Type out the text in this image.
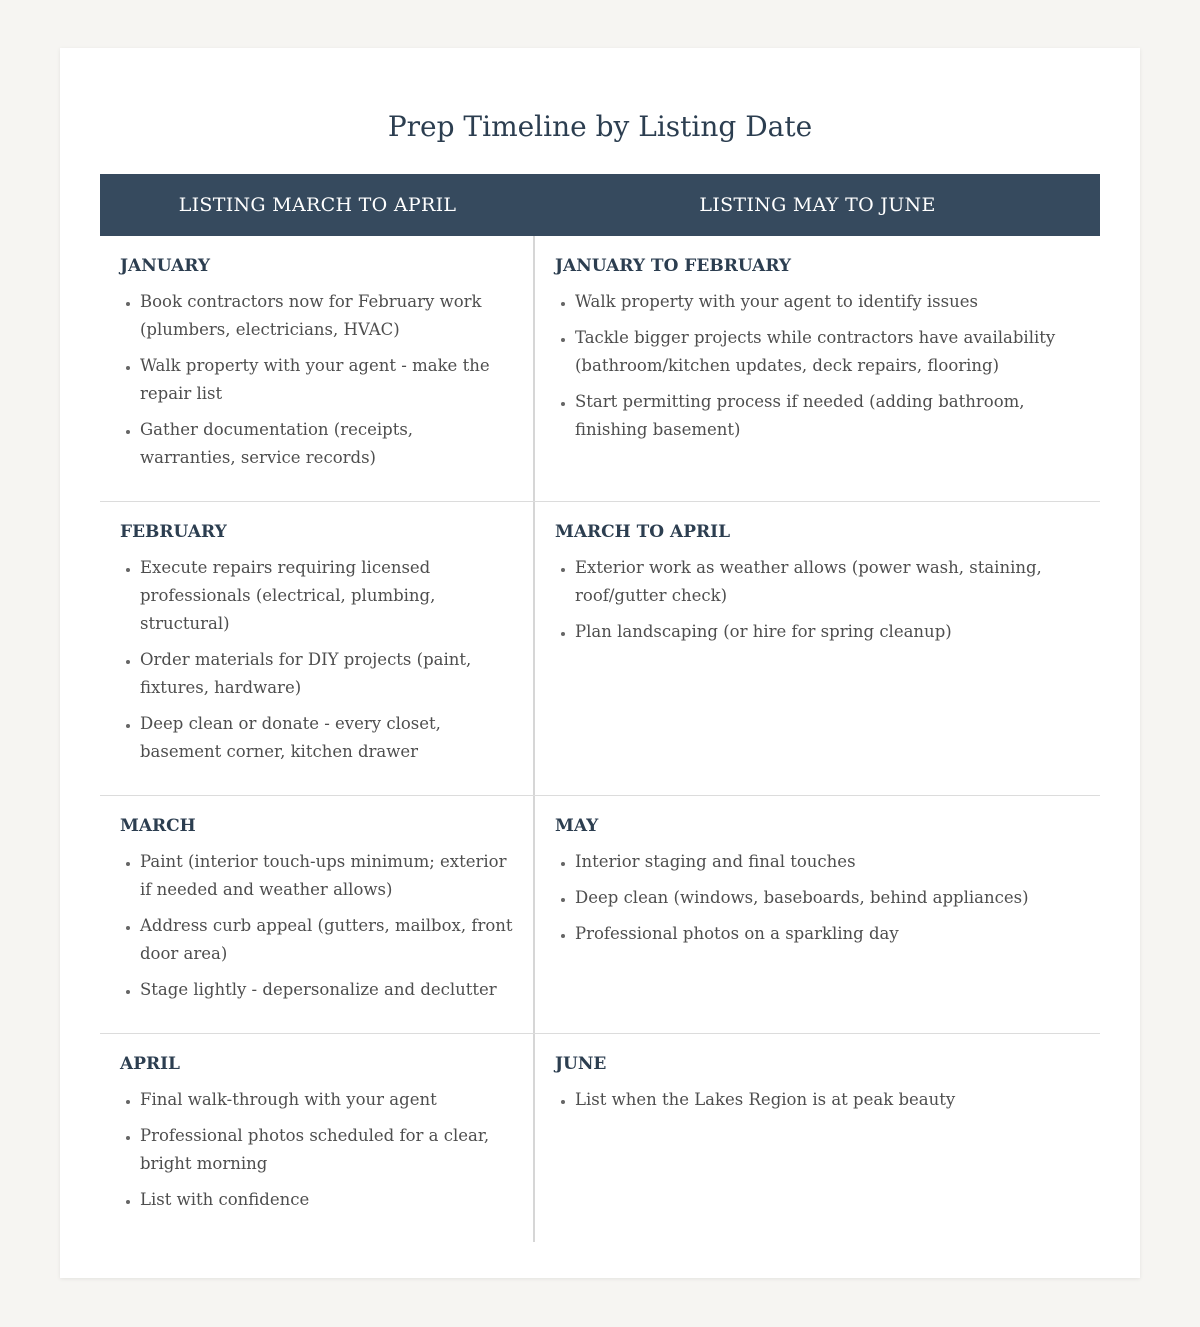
Prep Timeline by Listing Date
LISTING MARCH TO APRIL	LISTING MAY TO JUNE
JANUARY
• Book contractors now for February work (plumbers, electricians, HVAC)
• Walk property with your agent - make the repair list
• Gather documentation (receipts, warranties, service records)
JANUARY TO FEBRUARY
• Walk property with your agent to identify issues
• Tackle bigger projects while contractors have availability (bathroom/kitchen updates, deck repairs, flooring)
• Start permitting process if needed (adding bathroom, finishing basement)
FEBRUARY
• Execute repairs requiring licensed professionals (electrical, plumbing, structural)
• Order materials for DIY projects (paint, fixtures, hardware)
• Deep clean or donate - every closet, basement corner, kitchen drawer
MARCH TO APRIL
• Exterior work as weather allows (power wash, staining, roof/gutter check)
• Plan landscaping (or hire for spring cleanup)
MARCH
• Paint (interior touch-ups minimum; exterior if needed and weather allows)
• Address curb appeal (gutters, mailbox, front door area)
• Stage lightly - depersonalize and declutter
MAY
• Interior staging and final touches
• Deep clean (windows, baseboards, behind appliances)
• Professional photos on a sparkling day
APRIL
• Final walk-through with your agent
• Professional photos scheduled for a clear, bright morning
• List with confidence
JUNE
• List when the Lakes Region is at peak beauty
